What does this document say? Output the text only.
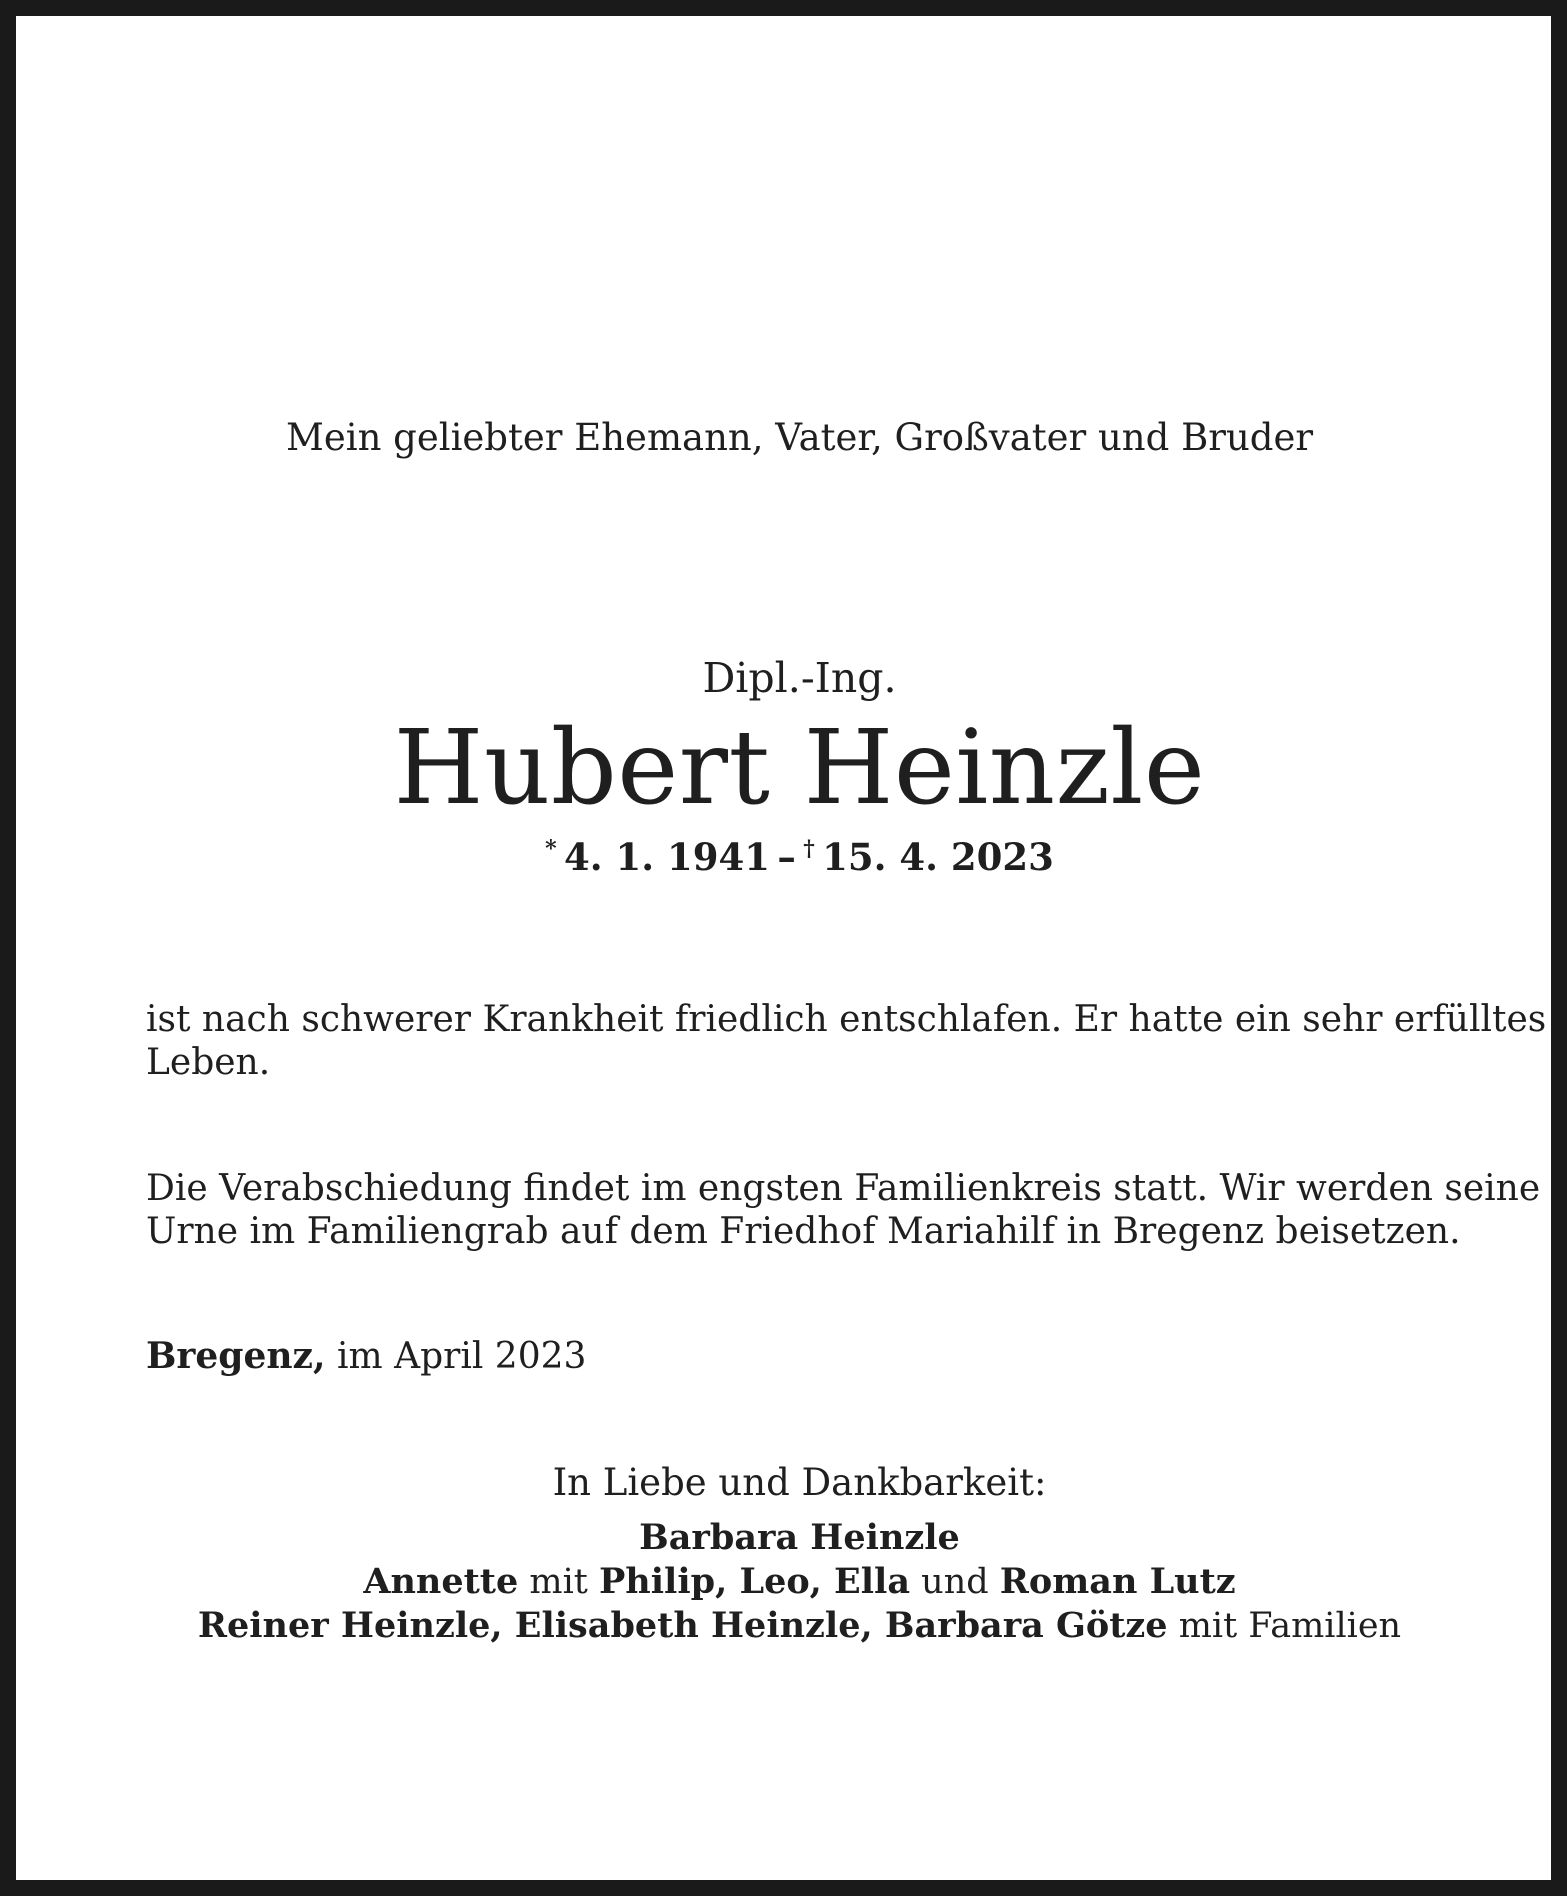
Mein geliebter Ehemann, Vater, Großvater und Bruder
Dipl.-Ing.
Hubert Heinzle
*  4. 1. 1941  –  †  15. 4. 2023
ist nach schwerer Krankheit friedlich entschlafen. Er hatte ein sehr erfülltes
Leben.
Die Verabschiedung findet im engsten Familienkreis statt. Wir werden seine
Urne im Familiengrab auf dem Friedhof Mariahilf in Bregenz beisetzen.
Bregenz, im April 2023
In Liebe und Dankbarkeit:
Barbara Heinzle
Annette mit Philip, Leo, Ella und Roman Lutz
Reiner Heinzle, Elisabeth Heinzle, Barbara Götze mit Familien
